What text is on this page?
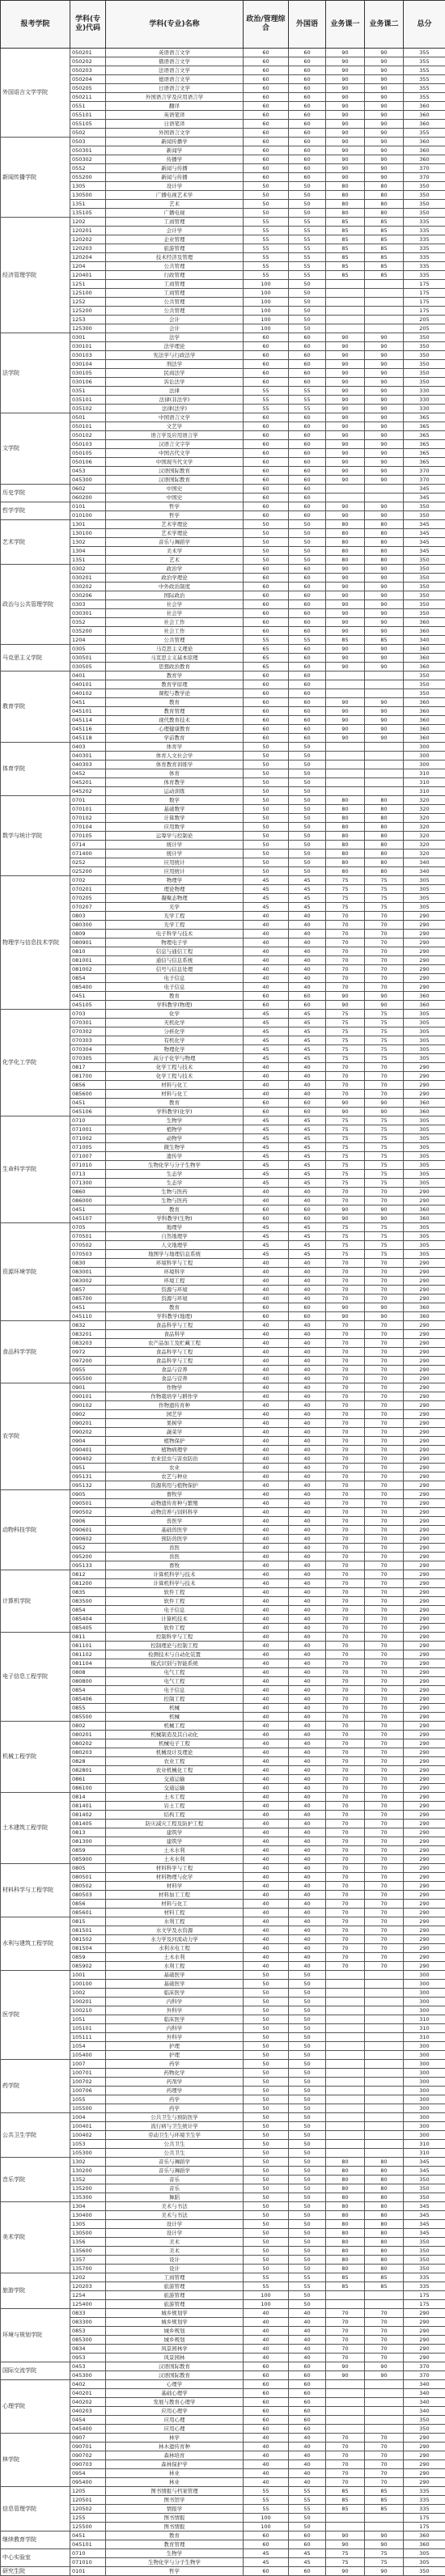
报考学院	学科(专业)代码	学科(专业)名称	政治/管理综合	外国语	业务课一	业务课二	总分
外国语言文学学院	050201	英语语言文学	60	60	90	90	355
	050202	俄语语言文学	60	60	90	90	355
	050203	法语语言文学	60	60	90	90	355
	050204	德语语言文学	60	60	90	90	355
	050205	日语语言文学	60	60	90	90	355
	050211	外国语言学及应用语言学	60	60	90	90	355
	0551	翻译	60	60	90	90	360
	055101	英语笔译	60	60	90	90	360
	055105	日语笔译	60	60	90	90	360
	0502	外国语言文学	60	60	90	90	355
新闻传播学院	0503	新闻传播学	60	60	90	90	360
	050301	新闻学	60	60	90	90	360
	050302	传播学	60	60	90	90	360
	0552	新闻与传播	60	60	90	90	370
	055200	新闻与传播	60	60	90	90	370
	1305	设计学	50	50	80	80	350
	130500	广播电视艺术学	50	50	80	80	350
	1351	艺术	50	50	80	80	350
	135105	广播电视	50	50	80	80	350
经济管理学院	1202	工商管理	55	55	85	85	335
	120201	会计学	55	55	85	85	335
	120202	企业管理	55	55	85	85	335
	120203	旅游管理	55	55	85	85	335
	120204	技术经济及管理	55	55	85	85	335
	1204	公共管理	55	55	85	85	335
	120401	行政管理	55	55	85	85	335
	1251	工商管理	100	50			175
	125100	工商管理	100	50			175
	1252	公共管理	100	50			175
	125200	公共管理	100	50			175
	1253	会计	100	50			205
	125300	会计	100	50			205
法学院	0301	法学	60	60	90	90	350
	030101	法学理论	60	60	90	90	350
	030103	宪法学与行政法学	60	60	90	90	350
	030104	刑法学	60	60	90	90	350
	030105	民商法学	60	60	90	90	350
	030106	诉讼法学	60	60	90	90	350
	0351	法律	55	55	90	90	330
	035101	法律(非法学)	55	55	90	90	330
	035102	法律(法学)	55	55	90	90	330
文学院	0501	中国语言文学	60	60	90	90	365
	050101	文艺学	60	60	90	90	365
	050102	语言学及应用语言学	60	60	90	90	365
	050103	汉语言文字学	60	60	90	90	365
	050105	中国古代文学	60	60	90	90	365
	050106	中国现当代文学	60	60	90	90	365
	0453	汉语国际教育	60	60	90	90	370
	045300	汉语国际教育	60	60	90	90	370
历史学院	0602	中国史	60	60			345
	060200	中国史	60	60			345
哲学学院	0101	哲学	60	60	90	90	350
	010100	哲学	60	60	90	90	350
艺术学院	1301	艺术学理论	50	50	80	80	345
	130100	艺术学理论	50	50	80	80	345
	1302	音乐与舞蹈学	50	50	80	80	345
	1304	美术学	50	50	80	80	345
	1351	艺术	50	50	80	80	350
政治与公共管理学院	0302	政治学	60	60	90	90	350
	030201	政治学理论	60	60	90	90	350
	030202	中外政治制度	60	60	90	90	350
	030206	国际政治	60	60	90	90	350
	0303	社会学	60	60	90	90	350
	030301	社会学	60	60	90	90	350
	0352	社会工作	60	60	90	90	360
	035200	社会工作	60	60	90	90	360
	1204	公共管理	55	55	85	85	340
马克思主义学院	0305	马克思主义理论	65	60	90	90	360
	030501	马克思主义基本原理	65	60	90	90	360
	030505	思想政治教育	65	60	90	90	360
教育学院	0401	教育学	60	60			350
	040101	教育学原理	60	60			350
	040102	课程与教学论	60	60			350
	0451	教育	60	60	90	90	360
	045101	教育管理	60	60	90	90	360
	045114	现代教育技术	60	60	90	90	360
	045116	心理健康教育	60	60	90	90	360
	045118	学前教育	60	60	90	90	360
体育学院	0403	体育学	50	50			300
	040301	体育人文社会学	50	50			300
	040303	体育教育训练学	50	50			300
	0452	体育	50	50			310
	045201	体育教学	50	50			310
	045202	运动训练	50	50			310
数学与统计学院	0701	数学	50	50	80	80	320
	070101	基础数学	50	50	80	80	320
	070102	计算数学	50	50	80	80	320
	070104	应用数学	50	50	80	80	320
	070105	运筹学与控制论	50	50	80	80	320
	0714	统计学	50	50	80	80	320
	071400	统计学	50	50	80	80	320
	0252	应用统计	50	50	80	80	340
	025200	应用统计	50	50	80	80	340
物理学与信息技术学院	0702	物理学	45	45	75	75	305
	070201	理论物理	45	45	75	75	305
	070205	凝聚态物理	45	45	75	75	305
	070207	光学	45	45	75	75	305
	0803	光学工程	40	40	70	70	290
	080300	光学工程	40	40	70	70	290
	0809	电子科学与技术	40	40	70	70	290
	080901	物理电子学	40	40	70	70	290
	0810	信息与通信工程	40	40	70	70	290
	081001	通信与信息系统	40	40	70	70	290
	081002	信号与信息处理	40	40	70	70	290
	0854	电子信息	40	40	70	70	290
	085400	电子信息	40	40	70	70	290
	0451	教育	60	60	90	90	360
	045105	学科教学(物理)	60	60	90	90	360
化学化工学院	0703	化学	45	45	75	75	305
	070301	无机化学	45	45	75	75	305
	070302	分析化学	45	45	75	75	305
	070303	有机化学	45	45	75	75	305
	070304	物理化学	45	45	75	75	305
	070305	高分子化学与物理	45	45	75	75	305
	0817	化学工程与技术	40	40	70	70	290
	081700	化学工程与技术	40	40	70	70	290
	0856	材料与化工	40	40	70	70	290
	085600	材料与化工	40	40	70	70	290
	0451	教育	60	60	90	90	360
	045106	学科教学(化学)	60	60	90	90	360
生命科学学院	0710	生物学	45	45	75	75	305
	071001	植物学	45	45	75	75	305
	071002	动物学	45	45	75	75	305
	071005	微生物学	45	45	75	75	305
	071007	遗传学	45	45	75	75	305
	071010	生物化学与分子生物学	45	45	75	75	305
	0713	生态学	45	45	75	75	305
	071300	生态学	45	45	75	75	305
	0860	生物与医药	40	40	70	70	290
	086000	生物与医药	40	40	70	70	290
	0451	教育	60	60	90	90	360
	045107	学科教学(生物)	60	60	90	90	360
资源环境学院	0705	地理学	45	45	75	75	305
	070501	自然地理学	45	45	75	75	305
	070502	人文地理学	45	45	75	75	305
	070503	地图学与地理信息系统	45	45	75	75	305
	0830	环境科学与工程	40	40	70	70	290
	083001	环境科学	40	40	70	70	290
	083002	环境工程	40	40	70	70	290
	0857	资源与环境	40	40	70	70	290
	085700	资源与环境	40	40	70	70	290
	0451	教育	60	60	90	90	360
	045110	学科教学(地理)	60	60	90	90	360
食品科学学院	0832	食品科学与工程	40	40	70	70	290
	083201	食品科学	40	40	70	70	290
	083203	农产品加工及贮藏工程	40	40	70	70	290
	0972	食品科学与工程	40	40	70	70	290
	097200	食品科学与工程	40	40	70	70	290
	0955	食品与营养	40	40	70	70	290
	095500	食品与营养	40	40	70	70	290
农学院	0901	作物学	40	40	70	70	290
	090101	作物栽培学与耕作学	40	40	70	70	290
	090102	作物遗传育种	40	40	70	70	290
	0902	园艺学	40	40	70	70	290
	090201	果树学	40	40	70	70	290
	090202	蔬菜学	40	40	70	70	290
	0904	植物保护	40	40	70	70	290
	090401	植物病理学	40	40	70	70	290
	090402	农业昆虫与害虫防治	40	40	70	70	290
	0951	农业	40	40	70	70	290
	095131	农艺与种业	40	40	70	70	290
	095132	资源利用与植物保护	40	40	70	70	290
动物科技学院	0905	畜牧学	40	40	70	70	290
	090501	动物遗传育种与繁殖	40	40	70	70	290
	090502	动物营养与饲料科学	40	40	70	70	290
	0906	兽医学	40	40	70	70	290
	090601	基础兽医学	40	40	70	70	290
	090602	预防兽医学	40	40	70	70	290
	0952	兽医	40	40	70	70	290
	095200	兽医	40	40	70	70	290
	095133	畜牧	40	40	70	70	290
计算机学院	0812	计算机科学与技术	40	40	70	70	290
	081200	计算机科学与技术	40	40	70	70	290
	0835	软件工程	40	40	70	70	290
	083500	软件工程	40	40	70	70	290
	0854	电子信息	40	40	70	70	290
	085404	计算机技术	40	40	70	70	290
	085405	软件工程	40	40	70	70	290
电子信息工程学院	0811	控制科学与工程	40	40	70	70	290
	081101	控制理论与控制工程	40	40	70	70	290
	081102	检测技术与自动化装置	40	40	70	70	290
	081104	模式识别与智能系统	40	40	70	70	290
	0808	电气工程	40	40	70	70	290
	080800	电气工程	40	40	70	70	290
	0854	电子信息	40	40	70	70	290
	085406	控制工程	40	40	70	70	290
	0855	机械	40	40	70	70	290
	085500	机械	40	40	70	70	290
机械工程学院	0802	机械工程	40	40	70	70	290
	080201	机械制造及其自动化	40	40	70	70	290
	080202	机械电子工程	40	40	70	70	290
	080203	机械设计及理论	40	40	70	70	290
	0828	农业工程	40	40	70	70	290
	082801	农业机械化工程	40	40	70	70	290
	0861	交通运输	40	40	70	70	290
	086100	交通运输	40	40	70	70	290
土木建筑工程学院	0814	土木工程	40	40	70	70	290
	081401	岩土工程	40	40	70	70	290
	081402	结构工程	40	40	70	70	290
	081405	防灾减灾工程及防护工程	40	40	70	70	290
	0813	建筑学	40	40	70	70	290
	081300	建筑学	40	40	70	70	290
	0859	土木水利	40	40	70	70	290
	085900	土木水利	40	40	70	70	290
材料科学与工程学院	0805	材料科学与工程	40	40	70	70	290
	080501	材料物理与化学	40	40	70	70	290
	080502	材料学	40	40	70	70	290
	080503	材料加工工程	40	40	70	70	290
	0856	材料与化工	40	40	70	70	290
	085601	材料工程	40	40	70	70	290
水利与建筑工程学院	0815	水利工程	40	40	70	70	290
	081501	水文学及水资源	40	40	70	70	290
	081502	水力学及河流动力学	40	40	70	70	290
	081504	水利水电工程	40	40	70	70	290
	0859	土木水利	40	40	70	70	290
	085902	水利工程	40	40	70	70	290
医学院	1001	基础医学	50	50			300
	100100	基础医学	50	50			300
	1002	临床医学	50	50			300
	100201	内科学	50	50			300
	100210	外科学	50	50			300
	1051	临床医学	50	50			310
	105101	内科学	50	50			310
	105111	外科学	50	50			310
	1054	护理	50	50			300
	105400	护理	50	50			300
药学院	1007	药学	50	50			300
	100701	药物化学	50	50			300
	100702	药剂学	50	50			300
	100706	药理学	50	50			300
	1055	药学	50	50			300
	105500	药学	50	50			300
公共卫生学院	1004	公共卫生与预防医学	50	50			300
	100401	流行病与卫生统计学	50	50			300
	100402	劳动卫生与环境卫生学	50	50			300
	1053	公共卫生	50	50			310
	105300	公共卫生	50	50			310
音乐学院	1302	音乐与舞蹈学	50	50	80	80	345
	130200	音乐与舞蹈学	50	50	80	80	345
	1352	音乐	50	50	80	80	350
	135200	音乐	50	50	80	80	350
	135300	舞蹈	50	50	80	80	350
美术学院	1304	美术与书法	50	50	80	80	345
	130400	美术与书法	50	50	80	80	345
	1305	设计学	50	50	80	80	345
	130500	设计学	50	50	80	80	345
	1356	美术	50	50	80	80	350
	135600	美术	50	50	80	80	350
	1357	设计	50	50	80	80	350
	135700	设计	50	50	80	80	350
旅游学院	1202	工商管理	55	55	85	85	335
	120203	旅游管理	55	55	85	85	335
	1254	旅游管理	100	50			175
	125400	旅游管理	100	50			175
环境与规划学院	0833	城乡规划学	40	40	70	70	290
	083300	城乡规划学	40	40	70	70	290
	0853	城乡规划	40	40	70	70	290
	085300	城乡规划	40	40	70	70	290
	0834	风景园林学	40	40	70	70	290
	0953	风景园林	40	40	70	70	290
国际交流学院	0453	汉语国际教育	60	60	90	90	370
	045300	汉语国际教育	60	60	90	90	370
心理学院	0402	心理学	60	60			340
	040201	基础心理学	60	60			340
	040202	发展与教育心理学	60	60			340
	040203	应用心理学	60	60			340
	0454	应用心理	60	60			350
	045400	应用心理	60	60			350
林学院	0907	林学	40	40	70	70	290
	090701	林木遗传育种	40	40	70	70	290
	090702	森林培育	40	40	70	70	290
	090703	森林保护学	40	40	70	70	290
	0954	林业	40	40	70	70	290
	095400	林业	40	40	70	70	290
信息管理学院	1205	图书情报与档案管理	55	55	85	85	335
	120501	图书馆学	55	55	85	85	335
	120502	情报学	55	55	85	85	335
	1255	图书情报	100	50			175
	125500	图书情报	100	50			175
继续教育学院	0451	教育	60	60	90	90	360
	045101	教育管理	60	60	90	90	360
中心实验室	0710	生物学	45	45	75	75	305
	071010	生物化学与分子生物学	45	45	75	75	305
研究生院	0101	哲学	60	60	90	90	350
